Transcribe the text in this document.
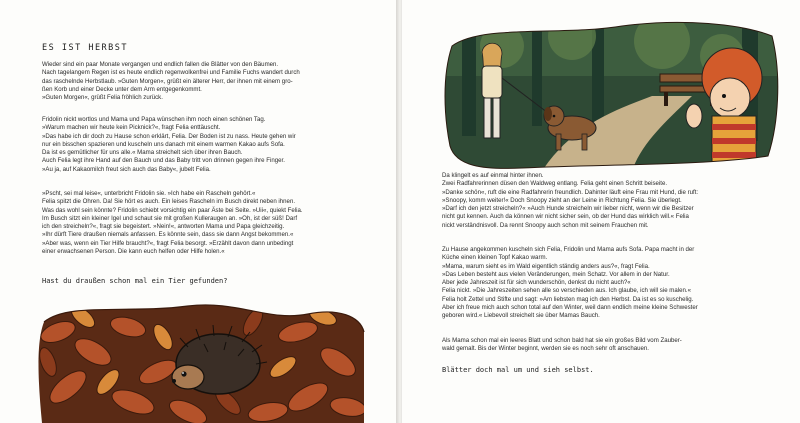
ES IST HERBST

Wieder sind ein paar Monate vergangen und endlich fallen die Blätter von den Bäumen.
Nach tagelangem Regen ist es heute endlich regenwolkenfrei und Familie Fuchs wandert durch
das raschelnde Herbstlaub. »Guten Morgen«, grüßt ein älterer Herr, der ihnen mit einem gro-
ßen Korb und einer Decke unter dem Arm entgegenkommt.
»Guten Morgen«, grüßt Felia fröhlich zurück.

Fridolin nickt wortlos und Mama und Papa wünschen ihm noch einen schönen Tag.
»Warum machen wir heute kein Picknick?«, fragt Felia enttäuscht.
»Das habe ich dir doch zu Hause schon erklärt, Felia. Der Boden ist zu nass. Heute gehen wir
nur ein bisschen spazieren und kuscheln uns danach mit einem warmen Kakao aufs Sofa.
Da ist es gemütlicher für uns alle.« Mama streichelt sich über ihren Bauch.
Auch Felia legt ihre Hand auf den Bauch und das Baby tritt von drinnen gegen ihre Finger.
»Au ja, auf Kakaomilch freut sich auch das Baby«, jubelt Felia.

»Pscht, sei mal leise«, unterbricht Fridolin sie. »Ich habe ein Rascheln gehört.«
Felia spitzt die Ohren. Da! Sie hört es auch. Ein leises Rascheln im Busch direkt neben ihnen.
Was das wohl sein könnte? Fridolin schiebt vorsichtig ein paar Äste bei Seite. »Uii«, quiekt Felia.
Im Busch sitzt ein kleiner Igel und schaut sie mit großen Kulleraugen an. »Oh, ist der süß! Darf
ich den streicheln?«, fragt sie begeistert. »Nein!«, antworten Mama und Papa gleichzeitig.
»Ihr dürft Tiere draußen niemals anfassen. Es könnte sein, dass sie dann Angst bekommen.«
»Aber was, wenn ein Tier Hilfe braucht?«, fragt Felia besorgt. »Erzählt davon dann unbedingt
einer erwachsenen Person. Die kann euch helfen oder Hilfe holen.«

Hast du draußen schon mal ein Tier gefunden?

Da klingelt es auf einmal hinter ihnen.
Zwei Radfahrerinnen düsen den Waldweg entlang. Felia geht einen Schritt beiseite.
»Danke schön«, ruft die eine Radfahrerin freundlich. Dahinter läuft eine Frau mit Hund, die ruft:
»Snoopy, komm weiter!« Doch Snoopy zieht an der Leine in Richtung Felia. Sie überlegt.
»Darf ich den jetzt streicheln?« »Auch Hunde streicheln wir lieber nicht, wenn wir die Besitzer
nicht gut kennen. Auch da können wir nicht sicher sein, ob der Hund das wirklich will.« Felia
nickt verständnisvoll. Da rennt Snoopy auch schon mit seinem Frauchen mit.

Zu Hause angekommen kuscheln sich Felia, Fridolin und Mama aufs Sofa. Papa macht in der
Küche einen kleinen Topf Kakao warm.
»Mama, warum sieht es im Wald eigentlich ständig anders aus?«, fragt Felia.
»Das Leben besteht aus vielen Veränderungen, mein Schatz. Vor allem in der Natur.
Aber jede Jahreszeit ist für sich wunderschön, denkst du nicht auch?«
Felia nickt. »Die Jahreszeiten sehen alle so verschieden aus. Ich glaube, ich will sie malen.«
Felia holt Zettel und Stifte und sagt: »Am liebsten mag ich den Herbst. Da ist es so kuschelig.
Aber ich freue mich auch schon total auf den Winter, weil dann endlich meine kleine Schwester
geboren wird.« Liebevoll streichelt sie über Mamas Bauch.

Als Mama schon mal ein leeres Blatt und schon bald hat sie ein großes Bild vom Zauber-
wald gemalt. Bis der Winter beginnt, werden sie es noch sehr oft anschauen.

Blätter doch mal um und sieh selbst.
